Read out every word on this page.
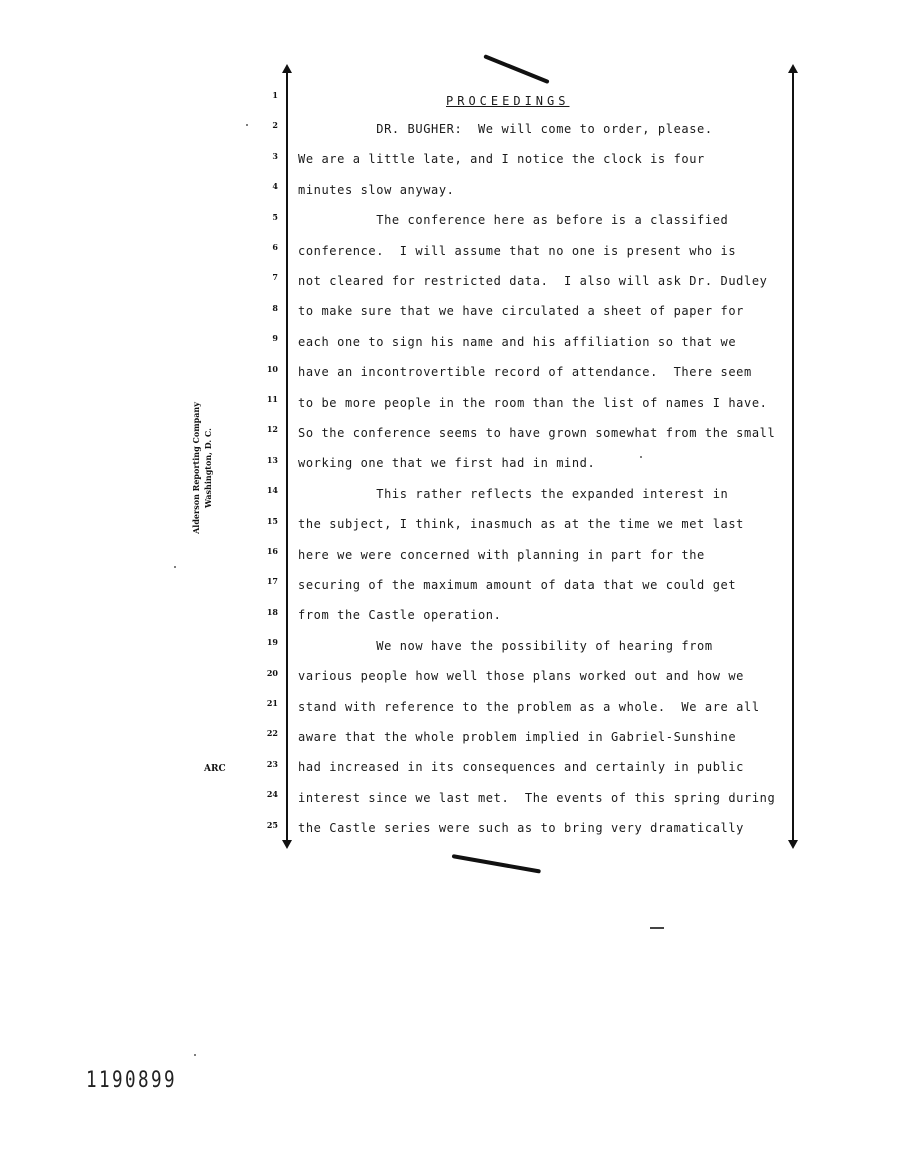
Alderson Reporting Company Washington, D. C.
ARC
PROCEEDINGS
1
2
3
4
5
6
7
8
9
10
11
12
13
14
15
16
17
18
19
20
21
22
23
24
25
DR. BUGHER:  We will come to order, please.
We are a little late, and I notice the clock is four
minutes slow anyway.
The conference here as before is a classified
conference.  I will assume that no one is present who is
not cleared for restricted data.  I also will ask Dr. Dudley
to make sure that we have circulated a sheet of paper for
each one to sign his name and his affiliation so that we
have an incontrovertible record of attendance.  There seem
to be more people in the room than the list of names I have.
So the conference seems to have grown somewhat from the small
working one that we first had in mind.
This rather reflects the expanded interest in
the subject, I think, inasmuch as at the time we met last
here we were concerned with planning in part for the
securing of the maximum amount of data that we could get
from the Castle operation.
We now have the possibility of hearing from
various people how well those plans worked out and how we
stand with reference to the problem as a whole.  We are all
aware that the whole problem implied in Gabriel-Sunshine
had increased in its consequences and certainly in public
interest since we last met.  The events of this spring during
the Castle series were such as to bring very dramatically
1190899
